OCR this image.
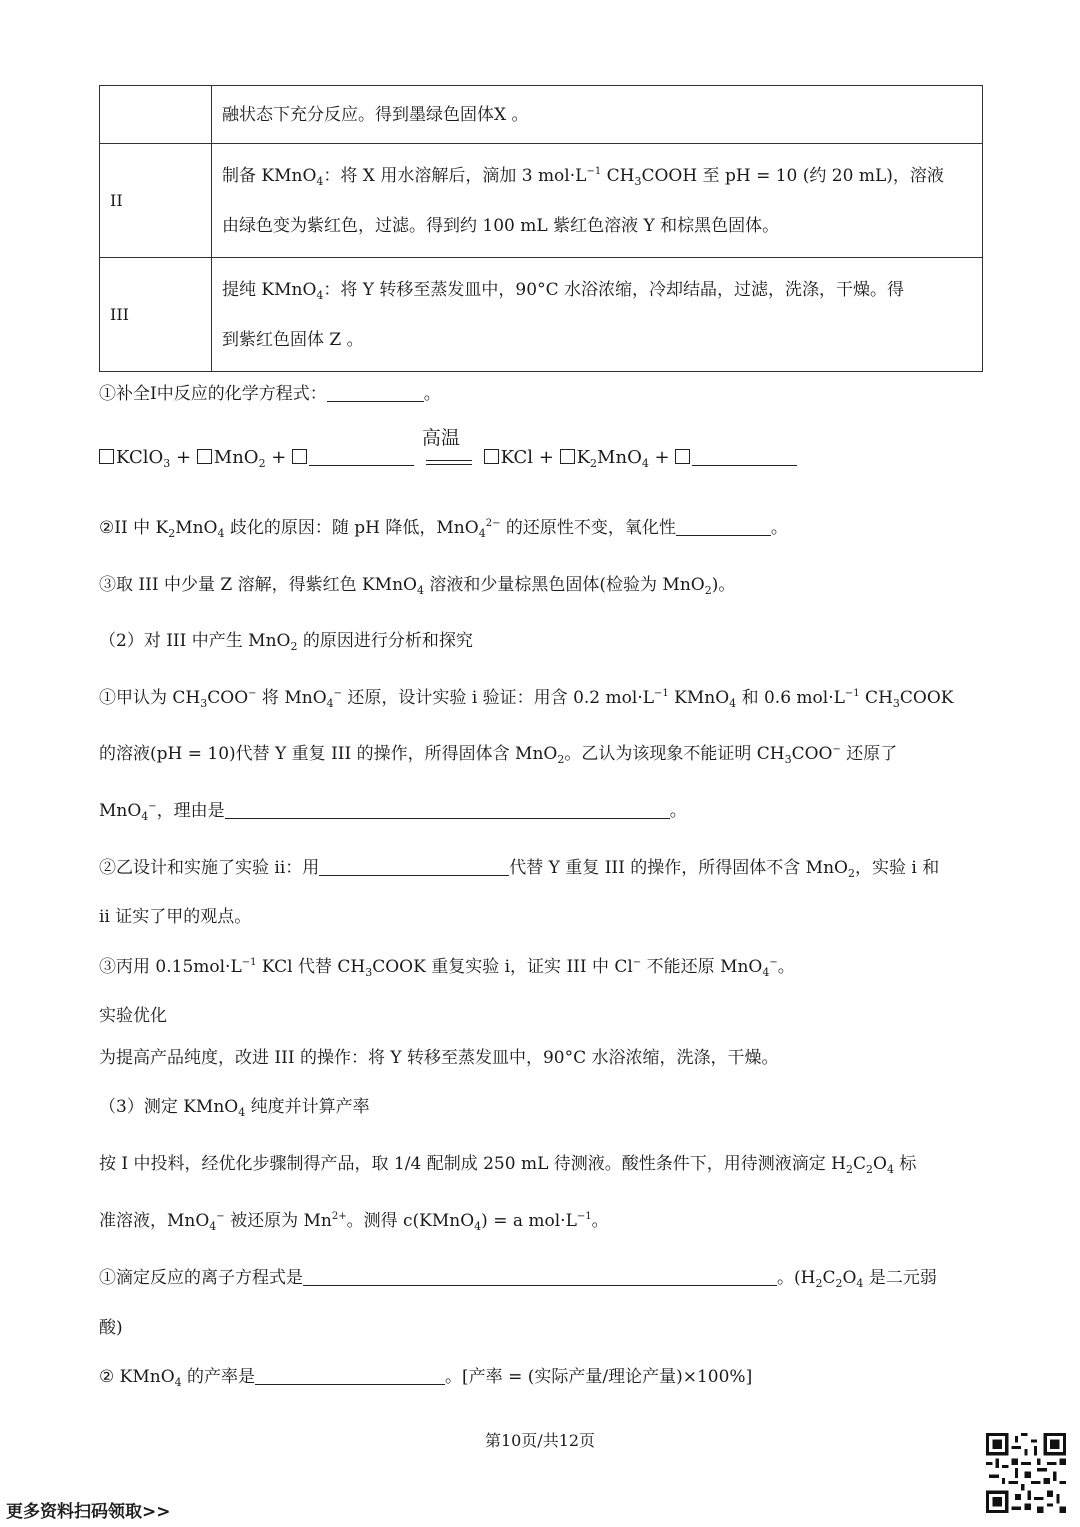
	融状态下充分反应。得到墨绿色固体X 。
II	制备 KMnO$_4$：将 X 用水溶解后，滴加 3 $mol\cdot L^{-1}$ $CH_3COOH$ 至 pH = 10 (约 20 mL)，溶液
由绿色变为紫红色，过滤。得到约 100 mL 紫红色溶液 Y 和棕黑色固体。
III	提纯 KMnO$_4$：将 Y 转移至蒸发皿中，90°C 水浴浓缩，冷却结晶，过滤，洗涤，干燥。得
到紫红色固体 Z 。
①补全I中反应的化学方程式：	。
KClO$_3$ + MnO$_2$ +
高温
KCl + $K_2MnO_4$ +
②II 中 $K_2MnO_4$ 歧化的原因：随 pH 降低，MnO$_4^{2-}$ 的还原性不变，氧化性	。
③取 III 中少量 Z 溶解，得紫红色 KMnO$_4$ 溶液和少量棕黑色固体(检验为 MnO$_2$)。
（2）对 III 中产生 MnO$_2$ 的原因进行分析和探究
①甲认为 $CH_3COO^-$ 将 MnO$_4$− 还原，设计实验 i 验证：用含 0.2 $mol\cdot L^{-1}$ KMnO$_4$ 和 0.6 $mol\cdot L^{-1}$ $CH_3COOK$
的溶液(pH = 10)代替 Y 重复 III 的操作，所得固体含 MnO$_2$。乙认为该现象不能证明 $CH_3COO^-$ 还原了
MnO$_4$−，理由是	。
②乙设计和实施了实验 ii：用	代替 Y 重复 III 的操作，所得固体不含 MnO$_2$，实验 i 和
ii 证实了甲的观点。
③丙用 $0.15mol\cdot L^{-1}$ KCl 代替 $CH_3COOK$ 重复实验 i，证实 III 中 Cl− 不能还原 MnO$_4$−。
实验优化
为提高产品纯度，改进 III 的操作：将 Y 转移至蒸发皿中，90°C 水浴浓缩，洗涤，干燥。
（3）测定 KMnO$_4$ 纯度并计算产率
按 I 中投料，经优化步骤制得产品，取 1/4 配制成 250 mL 待测液。酸性条件下，用待测液滴定 $H_2C_2O_4$ 标
准溶液，MnO$_4$− 被还原为 $Mn^{2+}$。测得 c(KMnO$_4$) = a $mol\cdot L^{-1}$。
①滴定反应的离子方程式是	。($H_2C_2O_4$ 是二元弱
酸)
② KMnO$_4$ 的产率是	。[产率 = (实际产量/理论产量)×100%]
第10页/共12页
更多资料扫码领取>>
